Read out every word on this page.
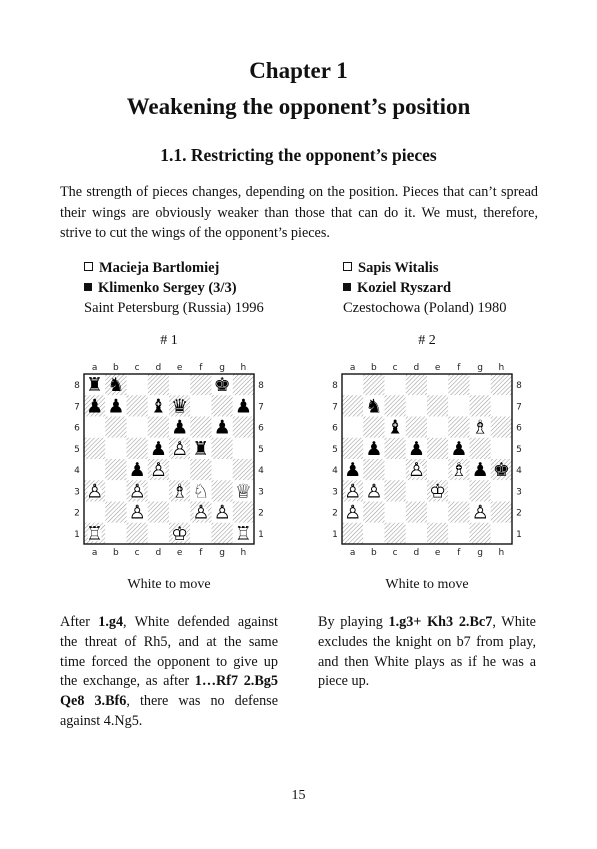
Chapter 1
Weakening the opponent’s position
1.1. Restricting the opponent’s pieces
The strength of pieces changes, depending on the position. Pieces that can’t spread their wings are obviously weaker than those that can do it. We must, therefore, strive to cut the wings of the opponent’s pieces.
Macieja Bartlomiej
Klimenko Sergey (3/3)
Saint Petersburg (Russia) 1996
Sapis Witalis
Koziel Ryszard
Czestochowa (Poland) 1980
# 1	# 2
a
a
b
b
c
c
d
d
e
e
f
f
g
g
h
h
8	8
7	7
6	6
5	5
4	4
3	3
2	2
1	1
♜ ♞	♚
♟ ♟ ♝ ♛ ♟
♟ ♟
♟ ♙ ♜
♟ ♙
♙ ♙ ♗ ♘ ♕
♙ ♙ ♙
♖	♔ ♖
a
a
b
b
c
c
d
d
e
e
f
f
g
g
h
h
8	8
7	7
6	6
5	5
4	4
3	3
2	2
1	1
♞
♝	♗
♟ ♟ ♟
♟ ♙ ♗ ♟ ♚
♙ ♙ ♔
♙	♙
White to move	White to move
After 1.g4, White defended against the threat of Rh5, and at the same time forced the opponent to give up the exchange, as after 1…Rf7 2.Bg5 Qe8 3.Bf6, there was no defense against 4.Ng5.
By playing 1.g3+ Kh3 2.Bc7, White excludes the knight on b7 from play, and then White plays as if he was a piece up.
15
